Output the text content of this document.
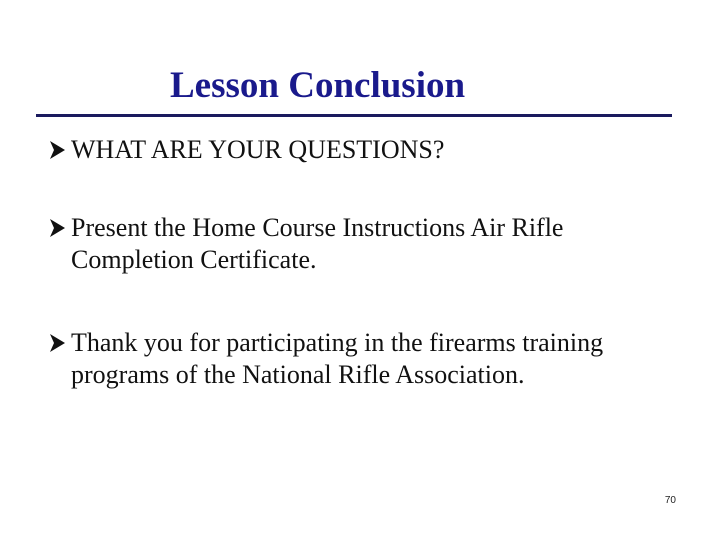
Lesson Conclusion
WHAT ARE YOUR QUESTIONS?
Present the Home Course Instructions Air Rifle Completion Certificate.
Thank you for participating in the firearms training programs of the National Rifle Association.
70
